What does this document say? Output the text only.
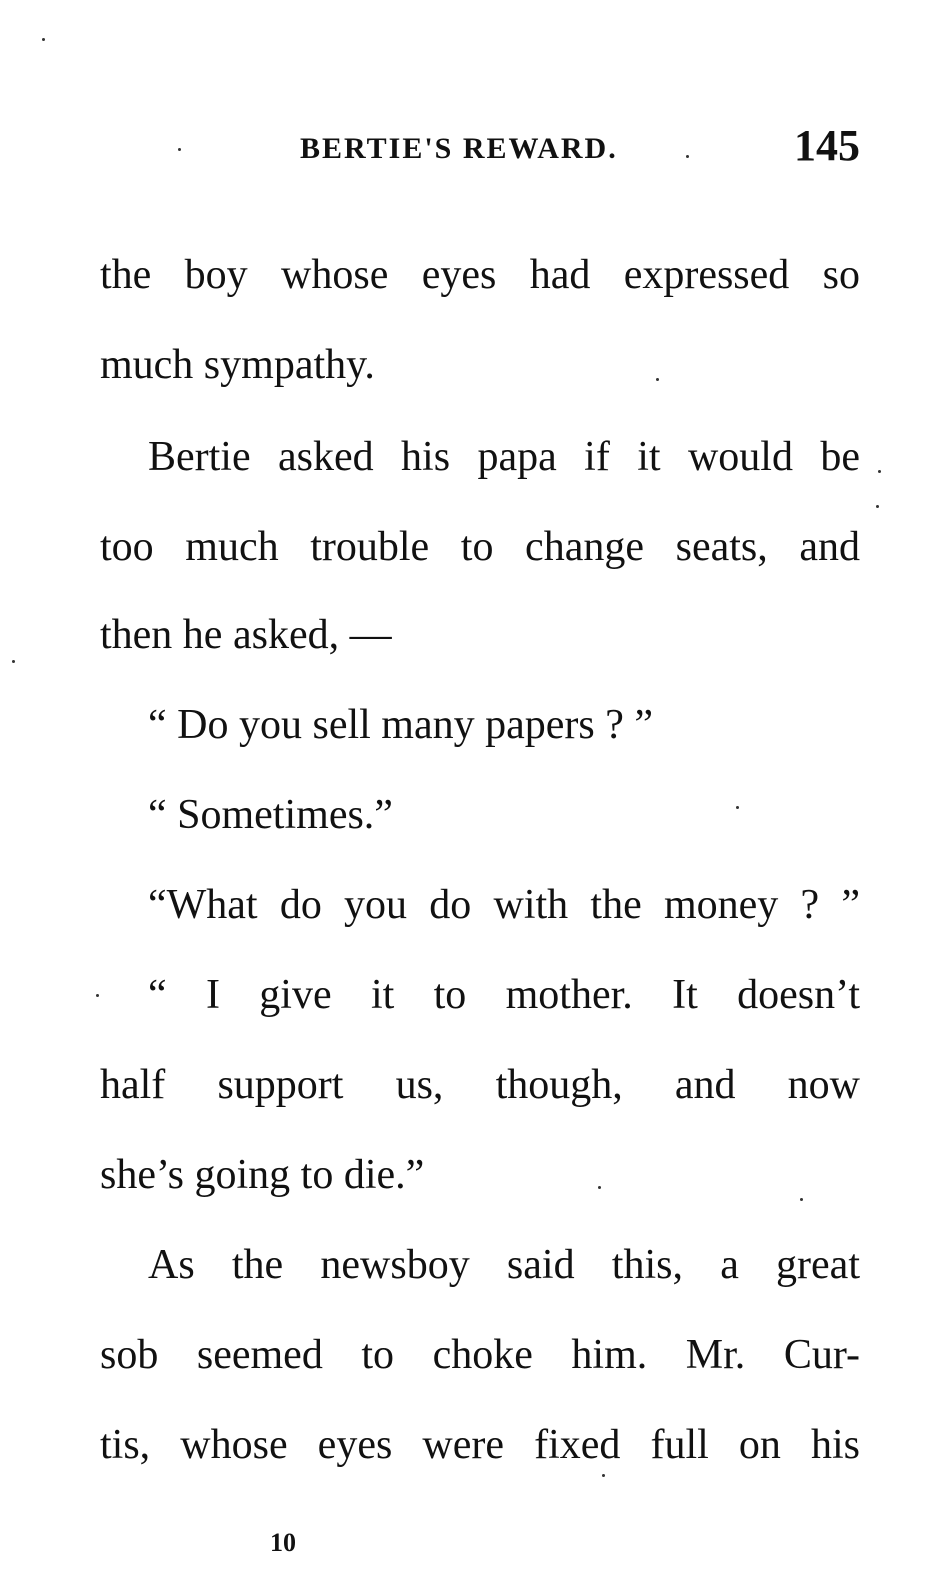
BERTIE'S REWARD.	145
the boy whose eyes had expressed so
much sympathy.
Bertie asked his papa if it would be
too much trouble to change seats, and
then he asked, —
“ Do you sell many papers ? ”
“ Sometimes.”
“What do you do with the money ? ”
“ I give it to mother. It doesn’t
half support us, though, and now
she’s going to die.”
As the newsboy said this, a great
sob seemed to choke him. Mr. Cur-
tis, whose eyes were fixed full on his
10
